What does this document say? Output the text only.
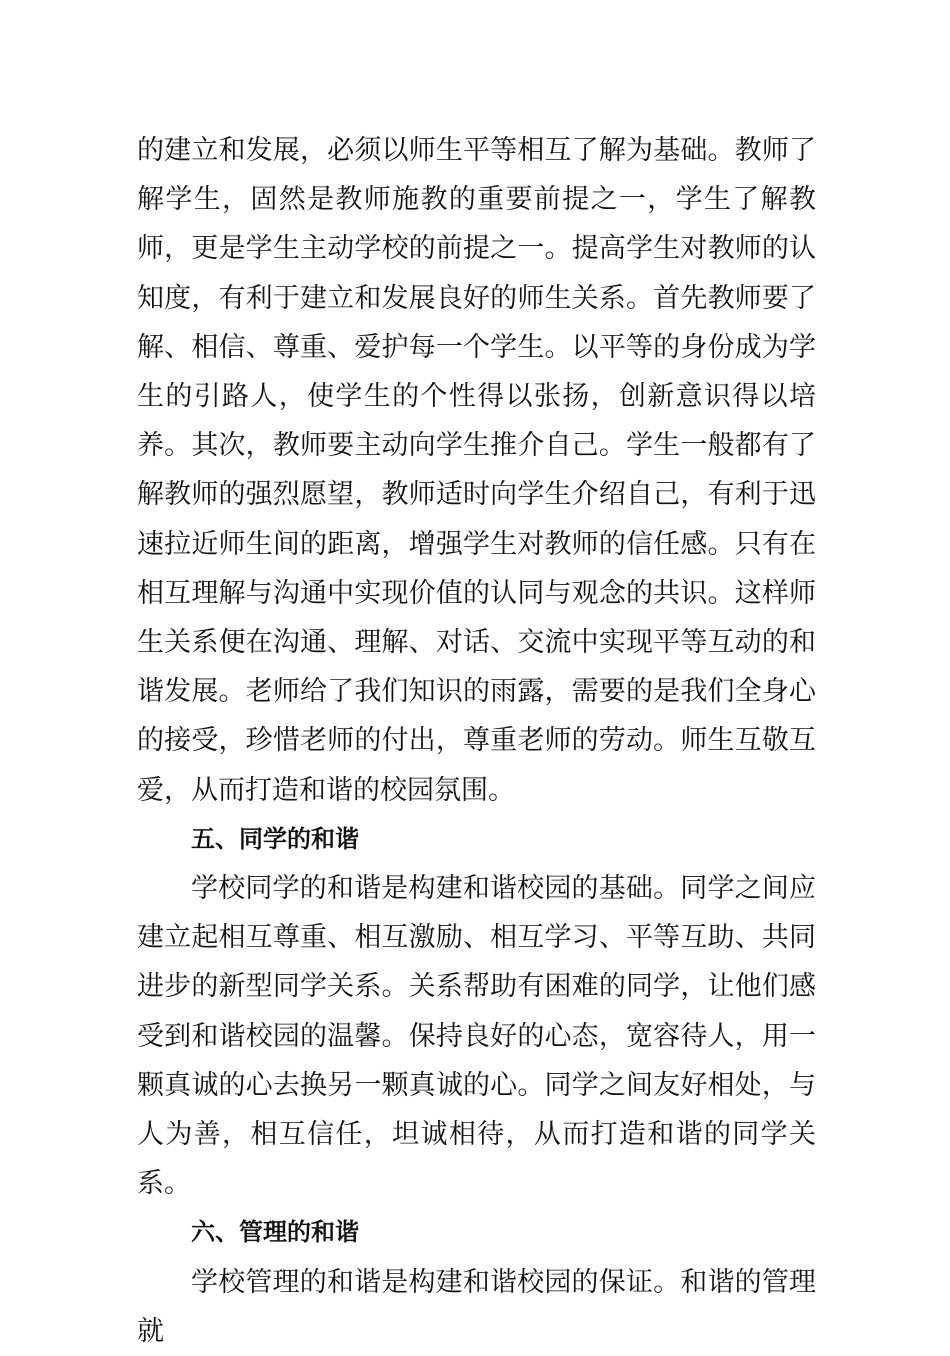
的建立和发展，必须以师生平等相互了解为基础。教师了解学生，固然是教师施教的重要前提之一，学生了解教师，更是学生主动学校的前提之一。提高学生对教师的认知度，有利于建立和发展良好的师生关系。首先教师要了解、相信、尊重、爱护每一个学生。以平等的身份成为学生的引路人，使学生的个性得以张扬，创新意识得以培养。其次，教师要主动向学生推介自己。学生一般都有了解教师的强烈愿望，教师适时向学生介绍自己，有利于迅速拉近师生间的距离，增强学生对教师的信任感。只有在相互理解与沟通中实现价值的认同与观念的共识。这样师生关系便在沟通、理解、对话、交流中实现平等互动的和谐发展。老师给了我们知识的雨露，需要的是我们全身心的接受，珍惜老师的付出，尊重老师的劳动。师生互敬互爱，从而打造和谐的校园氛围。

五、同学的和谐

学校同学的和谐是构建和谐校园的基础。同学之间应建立起相互尊重、相互激励、相互学习、平等互助、共同进步的新型同学关系。关系帮助有困难的同学，让他们感受到和谐校园的温馨。保持良好的心态，宽容待人，用一颗真诚的心去换另一颗真诚的心。同学之间友好相处，与人为善，相互信任，坦诚相待，从而打造和谐的同学关系。

六、管理的和谐

学校管理的和谐是构建和谐校园的保证。和谐的管理就
